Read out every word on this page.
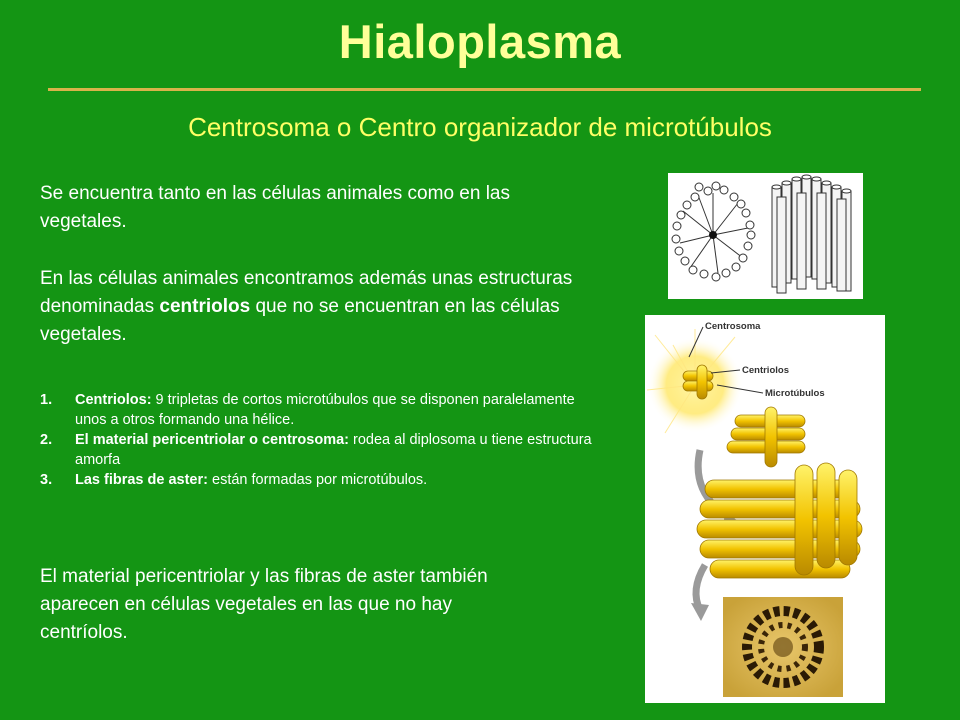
Hialoplasma
Centrosoma o Centro organizador de microtúbulos
Se encuentra tanto en las células animales como en las vegetales.
En las células animales encontramos además unas estructuras denominadas centriolos que no se encuentran en las células vegetales.
1. Centriolos: 9 tripletas de cortos microtúbulos que se disponen paralelamente unos a otros formando una hélice.
2. El material pericentriolar o centrosoma: rodea al diplosoma u tiene estructura amorfa
3. Las fibras de aster: están formadas por microtúbulos.
El material pericentriolar y las fibras de aster también aparecen en células vegetales en las que no hay centríolos.
Centrosoma
Centriolos
Microtúbulos
